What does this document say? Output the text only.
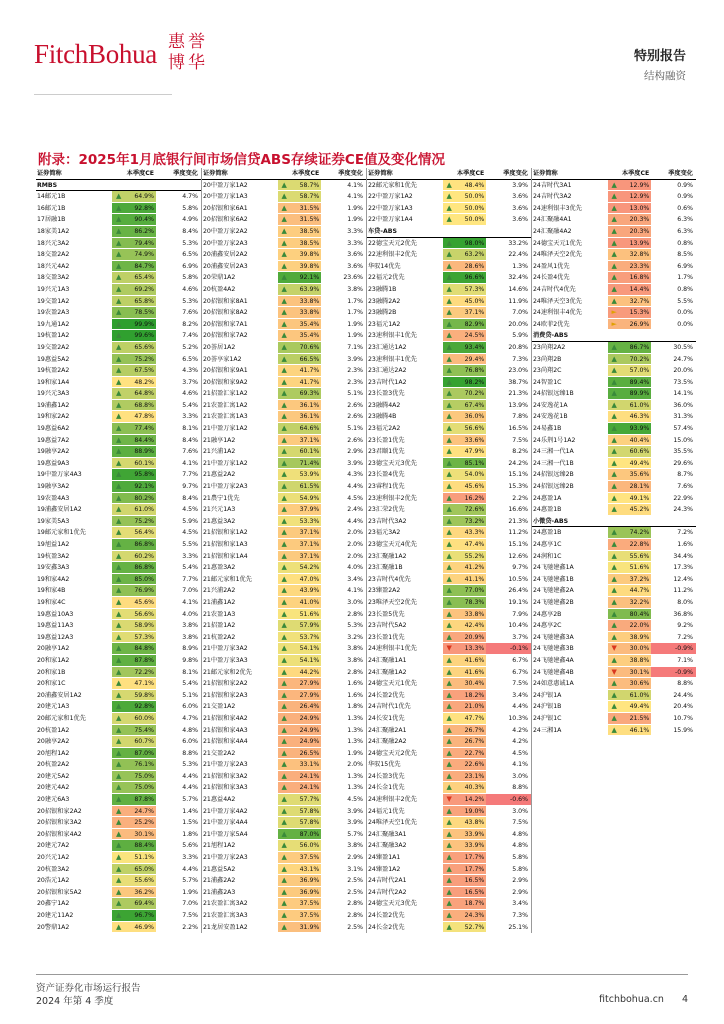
FitchBohua 惠誉
博华	特别报告
结构融资
附录：2025年1月底银行间市场信贷ABS存续证券CE值及变化情况
证券简称	本季度CE	季度变化
RMBS
14邮元1B	▲ 64.9%	4.7%
16邮元1B	▲ 92.8%	5.8%
17居融1B	▲ 90.4%	4.9%
18家美1A2	▲ 86.2%	8.4%
18兴元3A2	▲ 79.4%	5.3%
18交盈2A2	▲ 74.9%	6.5%
18兴元4A2	▲ 84.7%	6.9%
18交盈3A2	▲ 65.4%	5.8%
19兴元1A3	▲ 69.2%	4.6%
19交盈1A2	▲ 65.8%	5.3%
19农盈2A3	▲ 78.5%	7.6%
19九通1A2	▲ 99.9%	8.2%
19杭盈1A2	▲ 99.6%	7.4%
19交盈2A2	▲ 65.6%	5.2%
19惠益5A2	▲ 75.2%	6.5%
19杭盈2A2	▲ 67.5%	4.3%
19和家1A4	▲ 48.2%	3.7%
19兴元3A3	▲ 64.8%	4.6%
19浦鑫1A2	▲ 68.8%	5.4%
19和家2A2	▲ 47.8%	3.3%
19惠益6A2	▲ 77.4%	8.1%
19惠益7A2	▲ 84.4%	8.4%
19融享2A2	▲ 88.9%	7.6%
19惠益9A3	▲ 60.1%	4.1%
19中盈万家4A3	▲ 95.8%	7.7%
19融享3A2	▲ 92.1%	9.7%
19农盈4A3	▲ 80.2%	8.4%
19浦鑫安居1A2	▲ 61.0%	4.5%
19家美5A3	▲ 75.2%	5.9%
19邮元家和1优先	▲ 56.4%	4.5%
19旭益1A2	▲ 86.8%	5.5%
19杭盈3A2	▲ 60.2%	3.3%
19安鑫3A3	▲ 86.8%	5.4%
19和家4A2	▲ 85.0%	7.7%
19和家4B	▲ 76.9%	7.0%
19和家4C	▲ 45.6%	4.1%
19惠益10A3	▲ 56.6%	4.0%
19惠益11A3	▲ 58.9%	3.8%
19惠益12A3	▲ 57.3%	3.8%
20融享1A2	▲ 84.8%	8.9%
20和家1A2	▲ 87.8%	9.8%
20和家1B	▲ 72.2%	8.1%
20和家1C	▲ 47.1%	5.4%
20浦鑫安居1A2	▲ 59.8%	5.1%
20建元1A3	▲ 92.8%	6.0%
20邮元家和1优先	▲ 60.0%	4.7%
20杭盈1A2	▲ 75.4%	4.8%
20融享2A2	▲ 60.7%	6.0%
20旭程1A2	▲ 87.0%	8.8%
20杭盈2A2	▲ 76.1%	5.3%
20建元5A2	▲ 75.0%	4.4%
20建元4A2	▲ 75.0%	4.4%
20建元6A3	▲ 87.8%	5.7%
20招银和家2A2	▲ 24.7%	1.4%
20招银和家3A2	▲ 25.2%	1.5%
20招银和家4A2	▲ 30.1%	1.8%
20建元7A2	▲ 88.4%	5.6%
20兴元1A2	▲ 51.1%	3.3%
20杭盈3A2	▲ 65.0%	4.4%
20浩元1A2	▲ 55.6%	5.7%
20招银和家5A2	▲ 36.2%	1.9%
20鑫宁1A2	▲ 69.4%	7.0%
20建元11A2	▲ 96.7%	7.5%
20警鼎1A2	▲ 46.9%	2.2%
证券简称	本季度CE	季度变化
20中盈万家1A2	▲ 58.7%	4.1%
20中盈万家1A3	▲ 58.7%	4.1%
20招银和家6A1	▲ 31.5%	1.9%
20招银和家6A2	▲ 31.5%	1.9%
20中盈万家2A2	▲ 38.5%	3.3%
20中盈万家2A3	▲ 38.5%	3.3%
20浦鑫安居2A2	▲ 39.8%	3.6%
20浦鑫安居2A3	▲ 39.8%	3.6%
20荣鼎1A2	▲ 92.1%	23.6%
20杭盈4A2	▲ 63.9%	3.8%
20招银和家8A1	▲ 33.8%	1.7%
20招银和家8A2	▲ 33.8%	1.7%
20招银和家7A1	▲ 35.4%	1.9%
20招银和家7A2	▲ 35.4%	1.9%
20荟居1A2	▲ 70.6%	7.1%
20荟享家1A2	▲ 66.5%	3.9%
20招银和家9A1	▲ 41.7%	2.3%
20招银和家9A2	▲ 41.7%	2.3%
21招盈汇家1A2	▲ 69.3%	5.1%
21农盈汇寓1A2	▲ 36.1%	2.6%
21农盈汇寓1A3	▲ 36.1%	2.6%
21中盈万家1A2	▲ 64.6%	5.1%
21融享1A2	▲ 37.1%	2.6%
21兴浦1A2	▲ 60.1%	2.9%
21中盈万家1A2	▲ 71.4%	3.9%
21惠益2A2	▲ 53.9%	4.3%
21中盈万家2A3	▲ 61.5%	4.4%
21農宁1优先	▲ 54.9%	4.5%
21兴元1A3	▲ 37.9%	2.4%
21惠益3A2	▲ 53.3%	4.4%
21招银和家1A2	▲ 37.1%	2.0%
21招银和家1A3	▲ 37.1%	2.0%
21招银和家1A4	▲ 37.1%	2.0%
21惠盈3A2	▲ 54.2%	4.0%
21邮元家和1优先	▲ 47.0%	3.4%
21兴浦2A2	▲ 43.9%	4.1%
21浦鑫1A2	▲ 41.0%	3.0%
21农盈1A3	▲ 51.6%	2.8%
21招盈1A2	▲ 57.9%	5.3%
21杭盈2A2	▲ 53.7%	3.2%
21中盈万家3A2	▲ 54.1%	3.8%
21中盈万家3A3	▲ 54.1%	3.8%
21邮元家和2优先	▲ 44.2%	2.8%
21招银和家2A2	▲ 27.9%	1.6%
21招银和家2A3	▲ 27.9%	1.6%
21交盈1A2	▲ 26.4%	1.8%
21招银和家4A2	▲ 24.9%	1.3%
21招银和家4A3	▲ 24.9%	1.3%
21招银和家4A4	▲ 24.9%	1.3%
21交盈2A2	▲ 26.5%	1.9%
21中盈万家2A3	▲ 33.1%	2.0%
21招银和家3A2	▲ 24.1%	1.3%
21招银和家3A3	▲ 24.1%	1.3%
21惠益4A2	▲ 57.7%	4.5%
21中盈万家4A2	▲ 57.8%	3.9%
21中盈万家4A4	▲ 57.8%	3.9%
21中盈万家5A4	▲ 87.0%	5.7%
21旭程1A2	▲ 56.0%	3.8%
21中盈万家2A3	▲ 37.5%	2.9%
21惠益5A2	▲ 43.1%	3.1%
21浦鑫2A2	▲ 36.9%	2.5%
21浦鑫2A3	▲ 36.9%	2.5%
21农盈汇寓3A2	▲ 37.5%	2.8%
21农盈汇寓3A3	▲ 37.5%	2.8%
21龙居安盈1A2	▲ 31.9%	2.5%
证券简称	本季度CE	季度变化
22邮元家和1优先	▲ 48.4%	3.9%
22中盈万家1A2	▲ 50.0%	3.6%
22中盈万家1A3	▲ 50.0%	3.6%
22中盈万家1A4	▲ 50.0%	3.6%
车贷-ABS
22德宝天元2优先	▲ 98.0%	33.2%
22速利银丰2优先	▲ 63.2%	22.4%
华驭14优先	▲ 28.6%	1.3%
22福元2优先	▲ 96.6%	32.4%
23融腾1B	▲ 57.3%	14.6%
23融腾2A2	▲ 45.0%	11.9%
23融腾2B	▲ 37.1%	7.0%
23福元1A2	▲ 82.9%	20.0%
23速利银丰1优先	▲ 24.5%	5.9%
23汇通达1A2	▲ 93.4%	20.8%
23速利银丰1优先	▲ 29.4%	7.3%
23汇通达2A2	▲ 76.8%	23.0%
23吉时代1A2	▲ 98.2%	38.7%
23长盈3优先	▲ 70.2%	21.3%
23融腾4A2	▲ 67.4%	13.9%
23融腾4B	▲ 36.0%	7.8%
23福元2A2	▲ 56.6%	16.5%
23长盈1优先	▲ 33.6%	7.5%
23君颐1优先	▲ 47.9%	8.2%
23德宝天元3优先	▲ 85.1%	24.2%
23长盈4优先	▲ 54.0%	15.1%
23睿程1优先	▲ 45.6%	15.3%
23速利银丰2优先	▲ 16.2%	2.2%
23汇荣2优先	▲ 72.6%	16.6%
23吉时代3A2	▲ 73.2%	21.3%
23福元3A2	▲ 43.3%	11.2%
23德宝天元4优先	▲ 47.4%	15.1%
23汇聚融1A2	▲ 55.2%	12.6%
23汇聚融1B	▲ 41.2%	9.7%
23吉时代4优先	▲ 41.1%	10.5%
23臻盈2A2	▲ 77.0%	26.4%
23唯泽天空2优先	▲ 78.3%	19.1%
23长盈5优先	▲ 33.8%	7.9%
23吉时代5A2	▲ 42.4%	10.4%
23长盈1优先	▲ 20.9%	3.7%
24速利银丰1优先	▼ 13.3%	-0.1%
24汇聚融1A1	▲ 41.6%	6.7%
24汇聚融1A2	▲ 41.6%	6.7%
24德宝天元1优先	▲ 30.4%	7.5%
24长盈2优先	▲ 18.2%	3.4%
24吉时代1优先	▲ 21.0%	4.4%
24长安1优先	▲ 47.7%	10.3%
24汇聚融2A1	▲ 26.7%	4.2%
24汇聚融2A2	▲ 26.7%	4.2%
24德宝天元2优先	▲ 22.7%	4.5%
华驭15优先	▲ 22.6%	4.1%
24长盈3优先	▲ 23.1%	3.0%
24长金1优先	▲ 40.3%	8.8%
24速利银丰2优先	▼ 14.2%	-0.6%
24福元1优先	▲ 19.0%	3.0%
24唯泽天空1优先	▲ 43.8%	7.5%
24汇聚融3A1	▲ 33.9%	4.8%
24汇聚融3A2	▲ 33.9%	4.8%
24臻盈1A1	▲ 17.7%	5.8%
24臻盈1A2	▲ 17.7%	5.8%
24吉时代2A1	▲ 16.5%	2.9%
24吉时代2A2	▲ 16.5%	2.9%
24德宝天元3优先	▲ 18.7%	3.4%
24长盈2优先	▲ 24.3%	7.3%
24长金2优先	▲ 52.7%	25.1%
证券简称	本季度CE	季度变化
24吉时代3A1	▲ 12.9%	0.9%
24吉时代3A2	▲ 12.9%	0.9%
24速利银丰3优先	▲ 13.0%	0.6%
24汇聚融4A1	▲ 20.3%	6.3%
24汇聚融4A2	▲ 20.3%	6.3%
24德宝天元1优先	▲ 13.9%	0.8%
24唯泽天空2优先	▲ 32.8%	8.5%
24盈风1优先	▲ 23.3%	6.9%
24长盈4优先	▲ 16.8%	1.7%
24吉时代4优先	▲ 14.4%	0.8%
24唯泽天空3优先	▲ 32.7%	5.5%
24速利银丰4优先	► 15.3%	0.0%
24欧菲2优先	► 26.9%	0.0%
消费贷-ABS
23尚翔2A2	▲ 86.7%	30.5%
23尚翔2B	▲ 70.2%	24.7%
23尚翔2C	▲ 57.0%	20.0%
24智盈1C	▲ 89.4%	73.5%
24招银远臻1B	▲ 89.9%	14.1%
24安逸花1A	▲ 61.0%	36.0%
24安逸花1B	▲ 46.3%	31.3%
24易鑫1B	▲ 93.9%	57.4%
24乐荆1号1A2	▲ 40.4%	15.0%
24三湘一代1A	▲ 60.6%	35.5%
24三湘一代1B	▲ 49.4%	29.6%
24招银远臻2B	▲ 35.6%	8.7%
24招银远臻2B	▲ 28.1%	7.6%
24惠盈1A	▲ 49.1%	22.9%
24惠盈1B	▲ 45.2%	24.3%
小微贷-ABS
24惠盈1B	▲ 74.2%	7.2%
24惠享1C	▲ 22.8%	1.6%
24润和1C	▲ 55.6%	34.4%
24飞驰建鑫1A	▲ 51.6%	17.3%
24飞驰建鑫1B	▲ 37.2%	12.4%
24飞驰建鑫2A	▲ 44.7%	11.2%
24飞驰建鑫2B	▲ 32.2%	8.0%
24惠享2B	▲ 80.4%	36.8%
24惠享2C	▲ 22.0%	9.2%
24飞驰建鑫3A	▲ 38.9%	7.2%
24飞驰建鑫3B	▼ 30.0%	-0.9%
24飞驰建鑫4A	▲ 38.8%	7.1%
24飞驰建鑫4B	▼ 30.1%	-0.9%
24如意惠诚1A	▲ 30.6%	8.8%
24沪银1A	▲ 61.0%	24.4%
24沪银1B	▲ 49.4%	20.4%
24沪银1C	▲ 21.5%	10.7%
24三湘1A	▲ 46.1%	15.9%
资产证券化市场运行报告
2024 年第 4 季度	fitchbohua.cn 4
